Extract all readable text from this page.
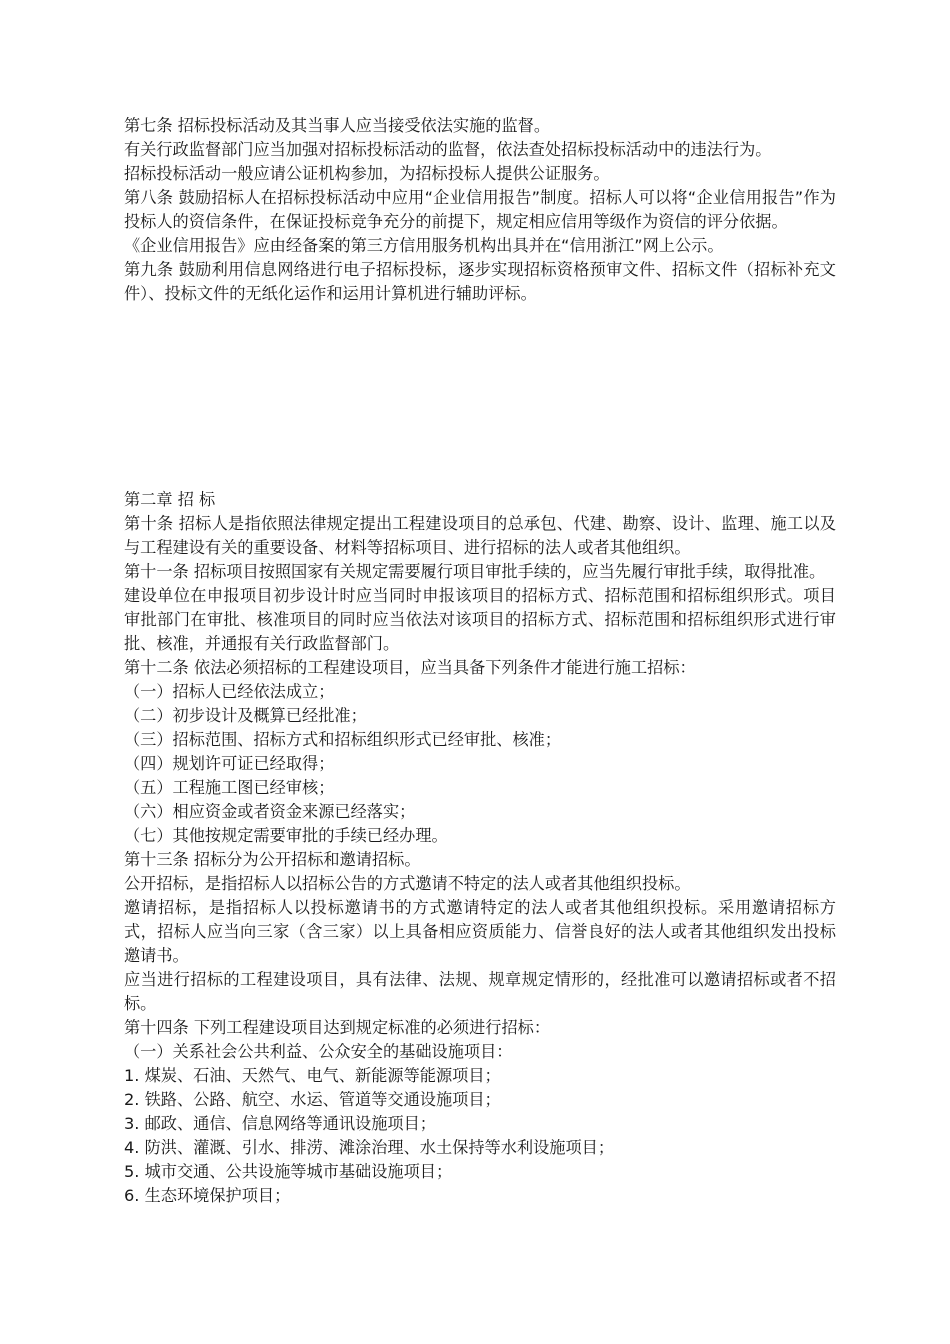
第七条 招标投标活动及其当事人应当接受依法实施的监督。

有关行政监督部门应当加强对招标投标活动的监督，依法查处招标投标活动中的违法行为。

招标投标活动一般应请公证机构参加，为招标投标人提供公证服务。

第八条 鼓励招标人在招标投标活动中应用“企业信用报告”制度。招标人可以将“企业信用报告”作为投标人的资信条件，在保证投标竞争充分的前提下，规定相应信用等级作为资信的评分依据。

《企业信用报告》应由经备案的第三方信用服务机构出具并在“信用浙江”网上公示。

第九条 鼓励利用信息网络进行电子招标投标，逐步实现招标资格预审文件、招标文件（招标补充文件）、投标文件的无纸化运作和运用计算机进行辅助评标。

第二章 招 标

第十条 招标人是指依照法律规定提出工程建设项目的总承包、代建、勘察、设计、监理、施工以及与工程建设有关的重要设备、材料等招标项目、进行招标的法人或者其他组织。

第十一条 招标项目按照国家有关规定需要履行项目审批手续的，应当先履行审批手续，取得批准。

建设单位在申报项目初步设计时应当同时申报该项目的招标方式、招标范围和招标组织形式。项目审批部门在审批、核准项目的同时应当依法对该项目的招标方式、招标范围和招标组织形式进行审批、核准，并通报有关行政监督部门。

第十二条 依法必须招标的工程建设项目，应当具备下列条件才能进行施工招标：

（一）招标人已经依法成立；

（二）初步设计及概算已经批准；

（三）招标范围、招标方式和招标组织形式已经审批、核准；

（四）规划许可证已经取得；

（五）工程施工图已经审核；

（六）相应资金或者资金来源已经落实；

（七）其他按规定需要审批的手续已经办理。

第十三条 招标分为公开招标和邀请招标。

公开招标，是指招标人以招标公告的方式邀请不特定的法人或者其他组织投标。

邀请招标，是指招标人以投标邀请书的方式邀请特定的法人或者其他组织投标。采用邀请招标方式，招标人应当向三家（含三家）以上具备相应资质能力、信誉良好的法人或者其他组织发出投标邀请书。

应当进行招标的工程建设项目，具有法律、法规、规章规定情形的，经批准可以邀请招标或者不招标。

第十四条 下列工程建设项目达到规定标准的必须进行招标：

（一）关系社会公共利益、公众安全的基础设施项目：

1. 煤炭、石油、天然气、电气、新能源等能源项目；

2. 铁路、公路、航空、水运、管道等交通设施项目；

3. 邮政、通信、信息网络等通讯设施项目；

4. 防洪、灌溉、引水、排涝、滩涂治理、水土保持等水利设施项目；

5. 城市交通、公共设施等城市基础设施项目；

6. 生态环境保护项目；
